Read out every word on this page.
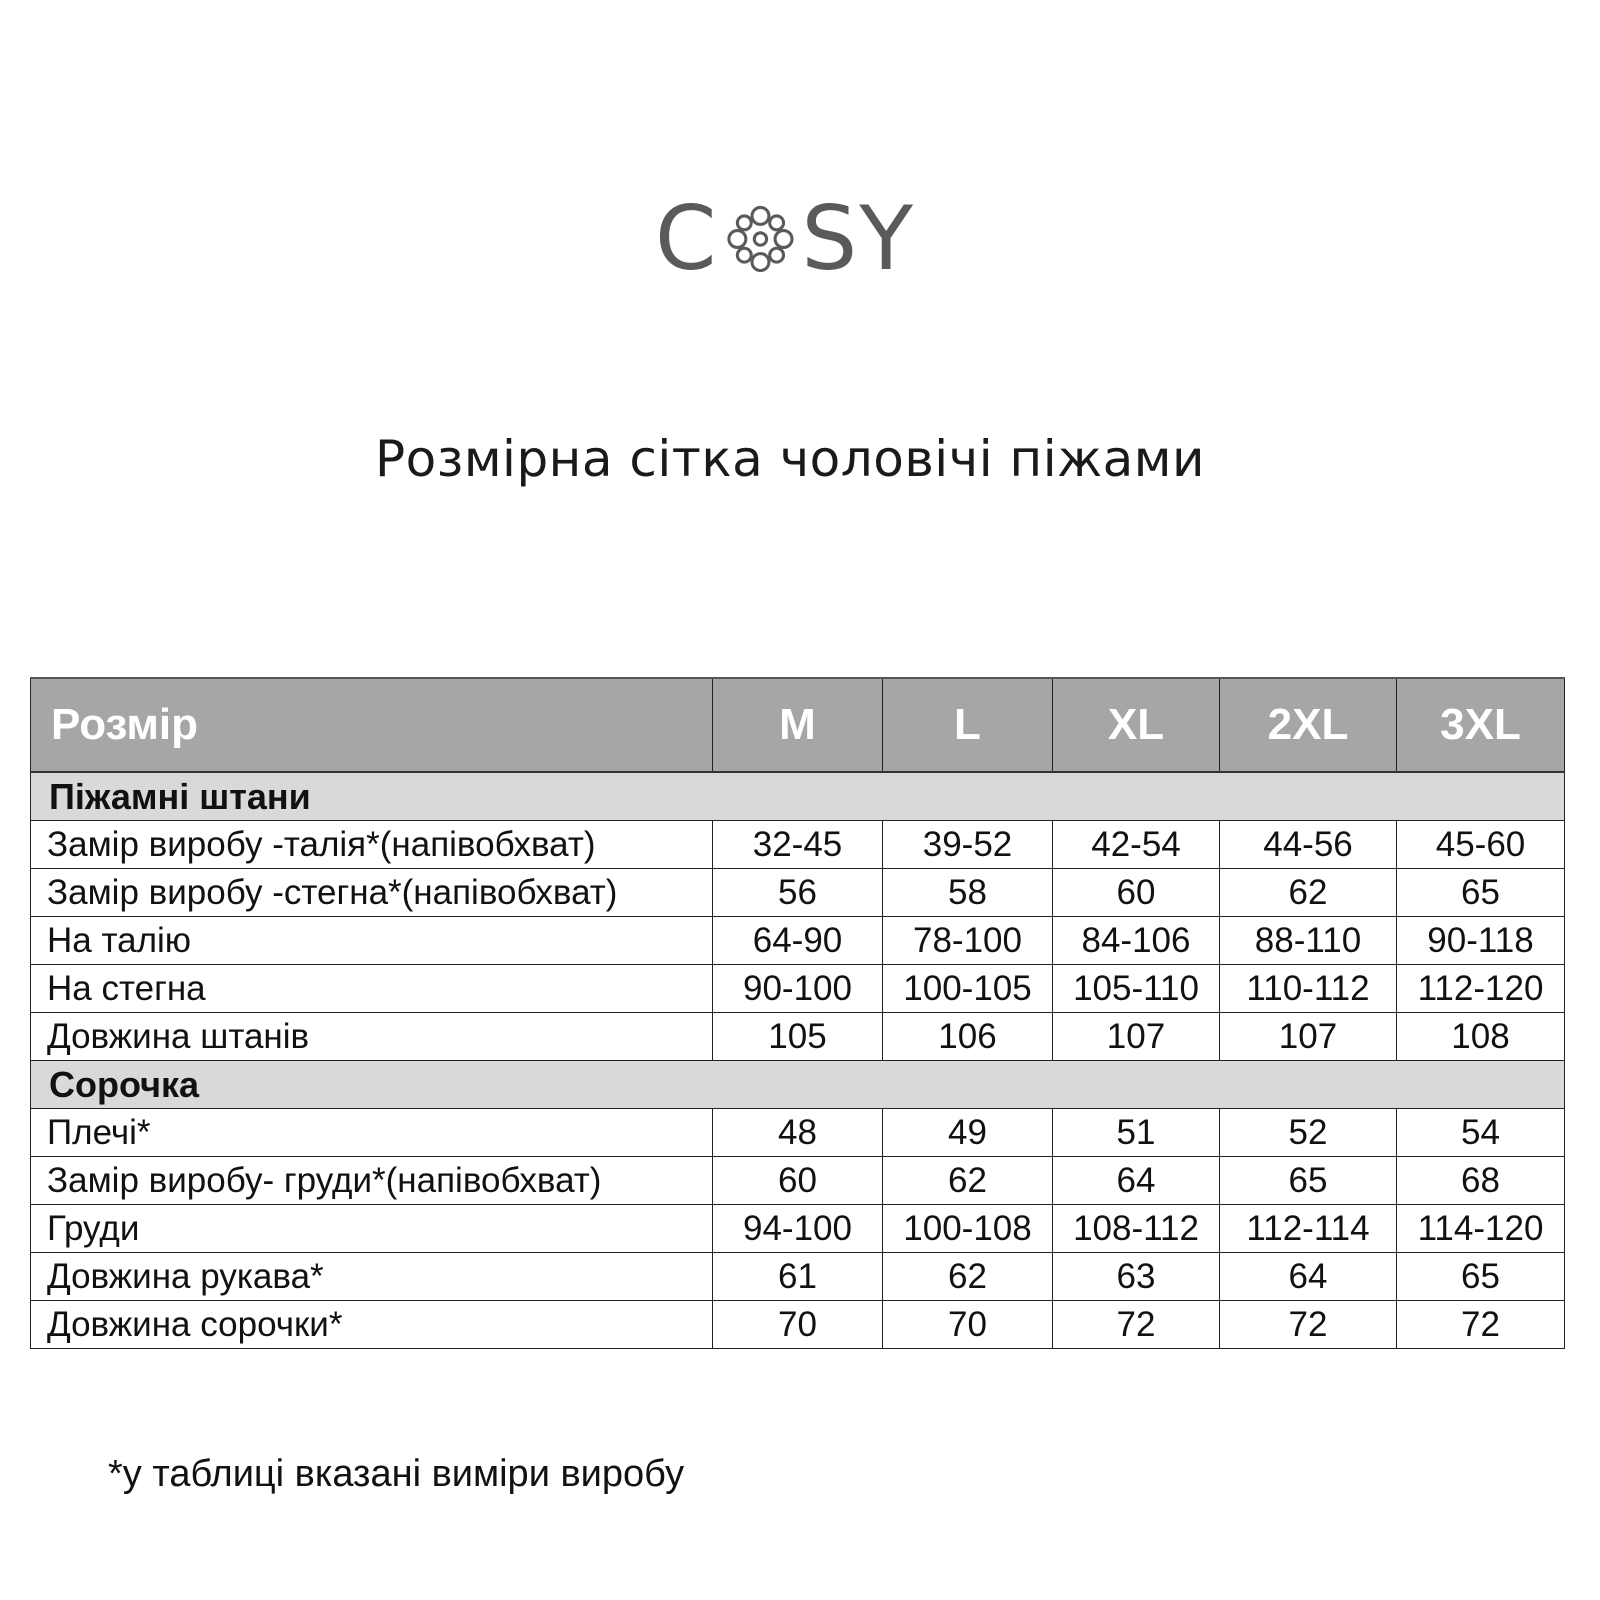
C S Y
Розмірна сітка чоловічі піжами
Розмір	M	L	XL	2XL	3XL
Піжамні штани					
Замір виробу -талія*(напівобхват)	32-45	39-52	42-54	44-56	45-60
Замір виробу -стегна*(напівобхват)	56	58	60	62	65
На талію	64-90	78-100	84-106	88-110	90-118
На стегна	90-100	100-105	105-110	110-112	112-120
Довжина штанів	105	106	107	107	108
Сорочка					
Плечі*	48	49	51	52	54
Замір виробу- груди*(напівобхват)	60	62	64	65	68
Груди	94-100	100-108	108-112	112-114	114-120
Довжина рукава*	61	62	63	64	65
Довжина сорочки*	70	70	72	72	72
*у таблиці вказані виміри виробу
